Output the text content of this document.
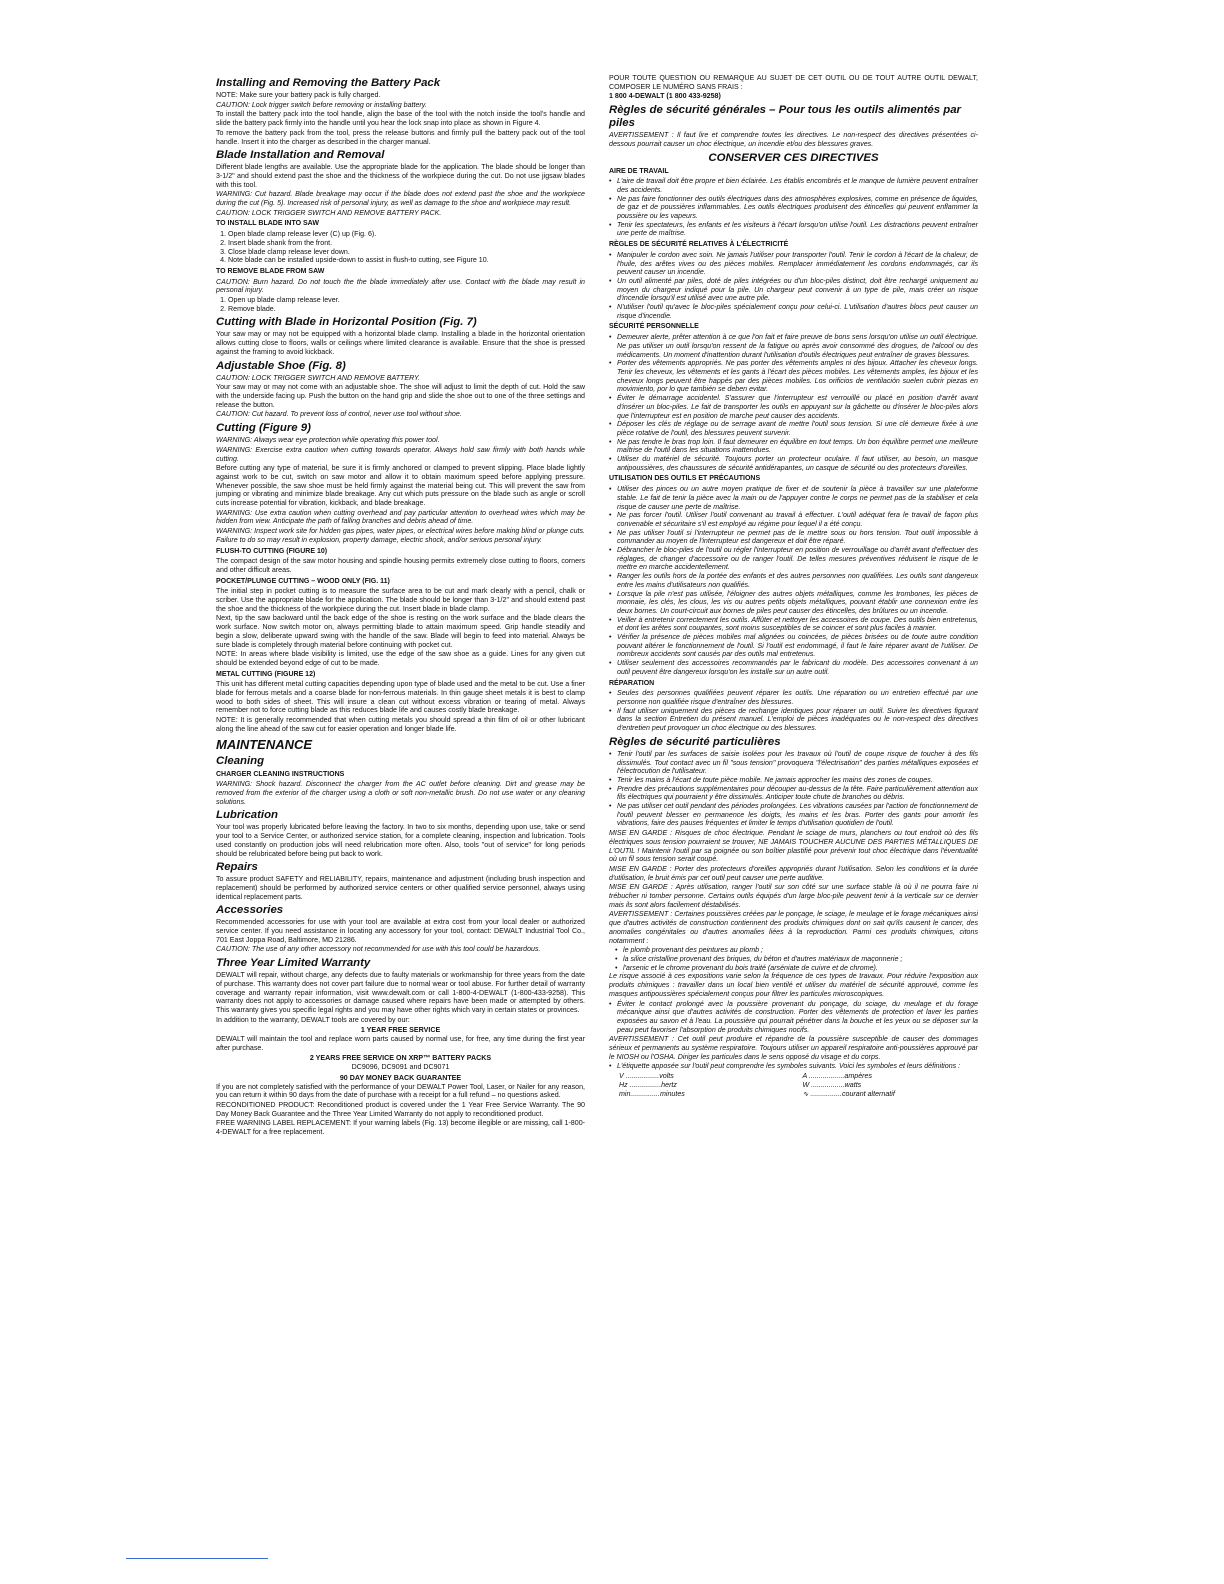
Installing and Removing the Battery Pack

NOTE: Make sure your battery pack is fully charged.

CAUTION: Lock trigger switch before removing or installing battery.

To install the battery pack into the tool handle, align the base of the tool with the notch inside the tool's handle and slide the battery pack firmly into the handle until you hear the lock snap into place as shown in Figure 4.

To remove the battery pack from the tool, press the release buttons and firmly pull the battery pack out of the tool handle. Insert it into the charger as described in the charger manual.

Blade Installation and Removal

Different blade lengths are available. Use the appropriate blade for the application. The blade should be longer than 3-1/2" and should extend past the shoe and the thickness of the workpiece during the cut. Do not use jigsaw blades with this tool.

WARNING: Cut hazard. Blade breakage may occur if the blade does not extend past the shoe and the workpiece during the cut (Fig. 5). Increased risk of personal injury, as well as damage to the shoe and workpiece may result.

CAUTION: LOCK TRIGGER SWITCH AND REMOVE BATTERY PACK.

TO INSTALL BLADE INTO SAW
1. Open blade clamp release lever (C) up (Fig. 6).
2. Insert blade shank from the front.
3. Close blade clamp release lever down.
4. Note blade can be installed upside-down to assist in flush-to cutting, see Figure 10.
TO REMOVE BLADE FROM SAW

CAUTION: Burn hazard. Do not touch the the blade immediately after use. Contact with the blade may result in personal injury.

1. Open up blade clamp release lever.
2. Remove blade.
Cutting with Blade in Horizontal Position (Fig. 7)

Your saw may or may not be equipped with a horizontal blade clamp. Installing a blade in the horizontal orientation allows cutting close to floors, walls or ceilings where limited clearance is available. Ensure that the shoe is pressed against the framing to avoid kickback.

Adjustable Shoe (Fig. 8)

CAUTION: LOCK TRIGGER SWITCH AND REMOVE BATTERY.

Your saw may or may not come with an adjustable shoe. The shoe will adjust to limit the depth of cut. Hold the saw with the underside facing up. Push the button on the hand grip and slide the shoe out to one of the three settings and release the button.

CAUTION: Cut hazard. To prevent loss of control, never use tool without shoe.

Cutting (Figure 9)

WARNING: Always wear eye protection while operating this power tool.

WARNING: Exercise extra caution when cutting towards operator. Always hold saw firmly with both hands while cutting.

Before cutting any type of material, be sure it is firmly anchored or clamped to prevent slipping. Place blade lightly against work to be cut, switch on saw motor and allow it to obtain maximum speed before applying pressure. Whenever possible, the saw shoe must be held firmly against the material being cut. This will prevent the saw from jumping or vibrating and minimize blade breakage. Any cut which puts pressure on the blade such as angle or scroll cuts increase potential for vibration, kickback, and blade breakage.

WARNING: Use extra caution when cutting overhead and pay particular attention to overhead wires which may be hidden from view. Anticipate the path of falling branches and debris ahead of time.

WARNING: Inspect work site for hidden gas pipes, water pipes, or electrical wires before making blind or plunge cuts. Failure to do so may result in explosion, property damage, electric shock, and/or serious personal injury.

FLUSH-TO CUTTING (FIGURE 10)

The compact design of the saw motor housing and spindle housing permits extremely close cutting to floors, corners and other difficult areas.

POCKET/PLUNGE CUTTING – WOOD ONLY (FIG. 11)

The initial step in pocket cutting is to measure the surface area to be cut and mark clearly with a pencil, chalk or scriber. Use the appropriate blade for the application. The blade should be longer than 3-1/2" and should extend past the shoe and the thickness of the workpiece during the cut. Insert blade in blade clamp.

Next, tip the saw backward until the back edge of the shoe is resting on the work surface and the blade clears the work surface. Now switch motor on, always permitting blade to attain maximum speed. Grip handle steadily and begin a slow, deliberate upward swing with the handle of the saw. Blade will begin to feed into material. Always be sure blade is completely through material before continuing with pocket cut.

NOTE: In areas where blade visibility is limited, use the edge of the saw shoe as a guide. Lines for any given cut should be extended beyond edge of cut to be made.

METAL CUTTING (FIGURE 12)

This unit has different metal cutting capacities depending upon type of blade used and the metal to be cut. Use a finer blade for ferrous metals and a coarse blade for non-ferrous materials. In thin gauge sheet metals it is best to clamp wood to both sides of sheet. This will insure a clean cut without excess vibration or tearing of metal. Always remember not to force cutting blade as this reduces blade life and causes costly blade breakage.

NOTE: It is generally recommended that when cutting metals you should spread a thin film of oil or other lubricant along the line ahead of the saw cut for easier operation and longer blade life.

MAINTENANCE
Cleaning
CHARGER CLEANING INSTRUCTIONS

WARNING: Shock hazard. Disconnect the charger from the AC outlet before cleaning. Dirt and grease may be removed from the exterior of the charger using a cloth or soft non-metallic brush. Do not use water or any cleaning solutions.

Lubrication

Your tool was properly lubricated before leaving the factory. In two to six months, depending upon use, take or send your tool to a Service Center, or authorized service station, for a complete cleaning, inspection and lubrication. Tools used constantly on production jobs will need relubrication more often. Also, tools "out of service" for long periods should be relubricated before being put back to work.

Repairs

To assure product SAFETY and RELIABILITY, repairs, maintenance and adjustment (including brush inspection and replacement) should be performed by authorized service centers or other qualified service personnel, always using identical replacement parts.

Accessories

Recommended accessories for use with your tool are available at extra cost from your local dealer or authorized service center. If you need assistance in locating any accessory for your tool, contact: DEWALT Industrial Tool Co., 701 East Joppa Road, Baltimore, MD 21286.

CAUTION: The use of any other accessory not recommended for use with this tool could be hazardous.

Three Year Limited Warranty

DEWALT will repair, without charge, any defects due to faulty materials or workmanship for three years from the date of purchase. This warranty does not cover part failure due to normal wear or tool abuse. For further detail of warranty coverage and warranty repair information, visit www.dewalt.com or call 1-800-4-DEWALT (1-800-433-9258). This warranty does not apply to accessories or damage caused where repairs have been made or attempted by others. This warranty gives you specific legal rights and you may have other rights which vary in certain states or provinces.

In addition to the warranty, DEWALT tools are covered by our:

1 YEAR FREE SERVICE

DEWALT will maintain the tool and replace worn parts caused by normal use, for free, any time during the first year after purchase.

2 YEARS FREE SERVICE ON XRP™ BATTERY PACKS
DC9096, DC9091 and DC9071
90 DAY MONEY BACK GUARANTEE

If you are not completely satisfied with the performance of your DEWALT Power Tool, Laser, or Nailer for any reason, you can return it within 90 days from the date of purchase with a receipt for a full refund – no questions asked.

RECONDITIONED PRODUCT: Reconditioned product is covered under the 1 Year Free Service Warranty. The 90 Day Money Back Guarantee and the Three Year Limited Warranty do not apply to reconditioned product.

FREE WARNING LABEL REPLACEMENT: If your warning labels (Fig. 13) become illegible or are missing, call 1-800-4-DEWALT for a free replacement.

POUR TOUTE QUESTION OU REMARQUE AU SUJET DE CET OUTIL OU DE TOUT AUTRE OUTIL DEWALT, COMPOSER LE NUMÉRO SANS FRAIS :

1 800 4-DEWALT (1 800 433-9258)

Règles de sécurité générales – Pour tous les outils alimentés par piles

AVERTISSEMENT : Il faut lire et comprendre toutes les directives. Le non-respect des directives présentées ci-dessous pourrait causer un choc électrique, un incendie et/ou des blessures graves.

CONSERVER CES DIRECTIVES
AIRE DE TRAVAIL
• L'aire de travail doit être propre et bien éclairée. Les établis encombrés et le manque de lumière peuvent entraîner des accidents.
• Ne pas faire fonctionner des outils électriques dans des atmosphères explosives, comme en présence de liquides, de gaz et de poussières inflammables. Les outils électriques produisent des étincelles qui peuvent enflammer la poussière ou les vapeurs.
• Tenir les spectateurs, les enfants et les visiteurs à l'écart lorsqu'on utilise l'outil. Les distractions peuvent entraîner une perte de maîtrise.
RÈGLES DE SÉCURITÉ RELATIVES À L'ÉLECTRICITÉ
• Manipuler le cordon avec soin. Ne jamais l'utiliser pour transporter l'outil. Tenir le cordon à l'écart de la chaleur, de l'huile, des arêtes vives ou des pièces mobiles. Remplacer immédiatement les cordons endommagés, car ils peuvent causer un incendie.
• Un outil alimenté par piles, doté de piles intégrées ou d'un bloc-piles distinct, doit être rechargé uniquement au moyen du chargeur indiqué pour la pile. Un chargeur peut convenir à un type de pile, mais créer un risque d'incendie lorsqu'il est utilisé avec une autre pile.
• N'utiliser l'outil qu'avec le bloc-piles spécialement conçu pour celui-ci. L'utilisation d'autres blocs peut causer un risque d'incendie.
SÉCURITÉ PERSONNELLE
• Demeurer alerte, prêter attention à ce que l'on fait et faire preuve de bons sens lorsqu'on utilise un outil électrique. Ne pas utiliser un outil lorsqu'on ressent de la fatigue ou après avoir consommé des drogues, de l'alcool ou des médicaments. Un moment d'inattention durant l'utilisation d'outils électriques peut entraîner de graves blessures.
• Porter des vêtements appropriés. Ne pas porter des vêtements amples ni des bijoux. Attacher les cheveux longs. Tenir les cheveux, les vêtements et les gants à l'écart des pièces mobiles. Les vêtements amples, les bijoux et les cheveux longs peuvent être happés par des pièces mobiles. Los orificios de ventilación suelen cubrir piezas en movimiento, por lo que también se deben evitar.
• Éviter le démarrage accidentel. S'assurer que l'interrupteur est verrouillé ou placé en position d'arrêt avant d'insérer un bloc-piles. Le fait de transporter les outils en appuyant sur la gâchette ou d'insérer le bloc-piles alors que l'interrupteur est en position de marche peut causer des accidents.
• Déposer les clés de réglage ou de serrage avant de mettre l'outil sous tension. Si une clé demeure fixée à une pièce rotative de l'outil, des blessures peuvent survenir.
• Ne pas tendre le bras trop loin. Il faut demeurer en équilibre en tout temps. Un bon équilibre permet une meilleure maîtrise de l'outil dans les situations inattendues.
• Utiliser du matériel de sécurité. Toujours porter un protecteur oculaire. Il faut utiliser, au besoin, un masque antipoussières, des chaussures de sécurité antidérapantes, un casque de sécurité ou des protecteurs d'oreilles.
UTILISATION DES OUTILS ET PRÉCAUTIONS
• Utiliser des pinces ou un autre moyen pratique de fixer et de soutenir la pièce à travailler sur une plateforme stable. Le fait de tenir la pièce avec la main ou de l'appuyer contre le corps ne permet pas de la stabiliser et cela risque de causer une perte de maîtrise.
• Ne pas forcer l'outil. Utiliser l'outil convenant au travail à effectuer. L'outil adéquat fera le travail de façon plus convenable et sécuritaire s'il est employé au régime pour lequel il a été conçu.
• Ne pas utiliser l'outil si l'interrupteur ne permet pas de le mettre sous ou hors tension. Tout outil impossible à commander au moyen de l'interrupteur est dangereux et doit être réparé.
• Débrancher le bloc-piles de l'outil ou régler l'interrupteur en position de verrouillage ou d'arrêt avant d'effectuer des réglages, de changer d'accessoire ou de ranger l'outil. De telles mesures préventives réduisent le risque de le mettre en marche accidentellement.
• Ranger les outils hors de la portée des enfants et des autres personnes non qualifiées. Les outils sont dangereux entre les mains d'utilisateurs non qualifiés.
• Lorsque la pile n'est pas utilisée, l'éloigner des autres objets métalliques, comme les trombones, les pièces de monnaie, les clés, les clous, les vis ou autres petits objets métalliques, pouvant établir une connexion entre les deux bornes. Un court-circuit aux bornes de piles peut causer des étincelles, des brûlures ou un incendie.
• Veiller à entretenir correctement les outils. Affûter et nettoyer les accessoires de coupe. Des outils bien entretenus, et dont les arêtes sont coupantes, sont moins susceptibles de se coincer et sont plus faciles à manier.
• Vérifier la présence de pièces mobiles mal alignées ou coincées, de pièces brisées ou de toute autre condition pouvant altérer le fonctionnement de l'outil. Si l'outil est endommagé, il faut le faire réparer avant de l'utiliser. De nombreux accidents sont causés par des outils mal entretenus.
• Utiliser seulement des accessoires recommandés par le fabricant du modèle. Des accessoires convenant à un outil peuvent être dangereux lorsqu'on les installe sur un autre outil.
RÉPARATION
• Seules des personnes qualifiées peuvent réparer les outils. Une réparation ou un entretien effectué par une personne non qualifiée risque d'entraîner des blessures.
• Il faut utiliser uniquement des pièces de rechange identiques pour réparer un outil. Suivre les directives figurant dans la section Entretien du présent manuel. L'emploi de pièces inadéquates ou le non-respect des directives d'entretien peut provoquer un choc électrique ou des blessures.
Règles de sécurité particulières
• Tenir l'outil par les surfaces de saisie isolées pour les travaux où l'outil de coupe risque de toucher à des fils dissimulés. Tout contact avec un fil "sous tension" provoquera "l'électrisation" des parties métalliques exposées et l'électrocution de l'utilisateur.
• Tenir les mains à l'écart de toute pièce mobile. Ne jamais approcher les mains des zones de coupes.
• Prendre des précautions supplémentaires pour découper au-dessus de la tête. Faire particulièrement attention aux fils électriques qui pourraient y être dissimulés. Anticiper toute chute de branches ou débris.
• Ne pas utiliser cet outil pendant des périodes prolongées. Les vibrations causées par l'action de fonctionnement de l'outil peuvent blesser en permanence les doigts, les mains et les bras. Porter des gants pour amortir les vibrations, faire des pauses fréquentes et limiter le temps d'utilisation quotidien de l'outil.

MISE EN GARDE : Risques de choc électrique. Pendant le sciage de murs, planchers ou tout endroit où des fils électriques sous tension pourraient se trouver, NE JAMAIS TOUCHER AUCUNE DES PARTIES MÉTALLIQUES DE L'OUTIL ! Maintenir l'outil par sa poignée ou son boîtier plastifié pour prévenir tout choc électrique dans l'éventualité où un fil sous tension serait coupé.

MISE EN GARDE : Porter des protecteurs d'oreilles appropriés durant l'utilisation. Selon les conditions et la durée d'utilisation, le bruit émis par cet outil peut causer une perte auditive.

MISE EN GARDE : Après utilisation, ranger l'outil sur son côté sur une surface stable là où il ne pourra faire ni trébucher ni tomber personne. Certains outils équipés d'un large bloc-pile peuvent tenir à la verticale sur ce dernier mais ils sont alors facilement déstabilisés.

AVERTISSEMENT : Certaines poussières créées par le ponçage, le sciage, le meulage et le forage mécaniques ainsi que d'autres activités de construction contiennent des produits chimiques dont on sait qu'ils causent le cancer, des anomalies congénitales ou d'autres anomalies liées à la reproduction. Parmi ces produits chimiques, citons notamment :

• le plomb provenant des peintures au plomb ;
• la silice cristalline provenant des briques, du béton et d'autres matériaux de maçonnerie ;
• l'arsenic et le chrome provenant du bois traité (arséniate de cuivre et de chrome).

Le risque associé à ces expositions varie selon la fréquence de ces types de travaux. Pour réduire l'exposition aux produits chimiques : travailler dans un local bien ventilé et utiliser du matériel de sécurité approuvé, comme les masques antipoussières spécialement conçus pour filtrer les particules microscopiques.

• Éviter le contact prolongé avec la poussière provenant du ponçage, du sciage, du meulage et du forage mécanique ainsi que d'autres activités de construction. Porter des vêtements de protection et laver les parties exposées au savon et à l'eau. La poussière qui pourrait pénétrer dans la bouche et les yeux ou se déposer sur la peau peut favoriser l'absorption de produits chimiques nocifs.

AVERTISSEMENT : Cet outil peut produire et répandre de la poussière susceptible de causer des dommages sérieux et permanents au système respiratoire. Toujours utiliser un appareil respiratoire anti-poussières approuvé par le NIOSH ou l'OSHA. Diriger les particules dans le sens opposé du visage et du corps.

• L'étiquette apposée sur l'outil peut comprendre les symboles suivants. Voici les symboles et leurs définitions :
V .................volts	A ..................ampères
Hz ................hertz	W .................watts
min...............minutes	∿ ................courant alternatif
